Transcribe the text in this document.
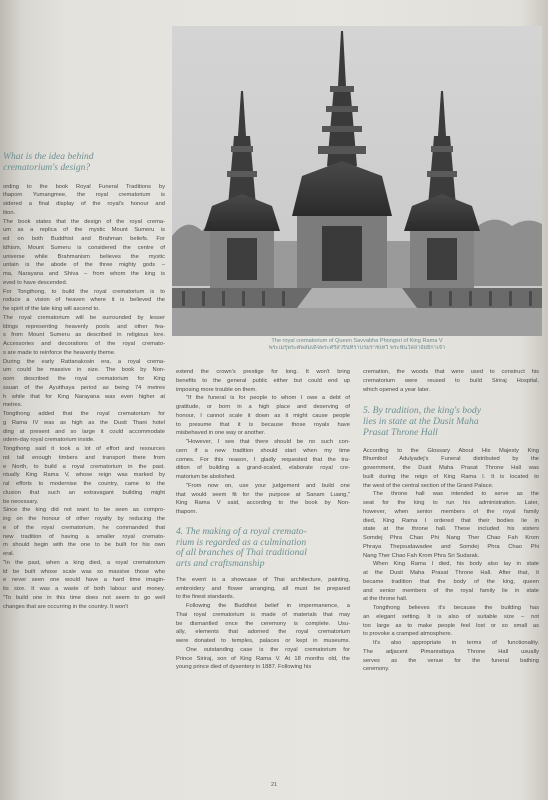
The royal crematorium of Queen Savvabha Phongsri of King Rama V
พระเมรุพระศพสมเด็จพระศรีสวรินทิราบรมราชเทวี พระพันวัสสาอัยยิกาเจ้า
What is the idea behind
crematorium's design?
ording to the book Royal Funeral Traditions by
thaporn Yumangmee, the royal crematorium is
sidered a final display of the royal's honour and
ition.
The book states that the design of the royal crema-
um as a replica of the mystic Mount Sumeru is
ed on both Buddhist and Brahman beliefs. For
ldhism, Mount Sumeru is considered the centre of
universe while Brahmanism believes the mystic
untain is the abode of the three mighty gods –
ma, Narayana and Shiva – from whom the king is
eved to have descended.
For Tongthong, to build the royal crematorium is to
roduce a vision of heaven where it is believed the
he spirit of the late king will ascend to.
The royal crematorium will be surrounded by lesser
ldings representing heavenly pools and other fea-
s from Mount Sumeru as described in religious lore.
Accessories and decorations of the royal cremato-
s are made to reinforce the heavenly theme.
During the early Rattanakosin era, a royal crema-
um could be massive in size. The book by Non-
oorn described the royal crematorium for King
ssuan of the Ayutthaya period as being 74 metres
h while that for King Narayana was even higher at
metres.
Tongthong added that the royal crematorium for
g Rama IV was as high as the Dusit Thani hotel
ding at present and so large it could accommodate
odern-day royal crematorium inside.
Tongthong said it took a lot of effort and resources
nd tall enough timbers and transport there from
e North, to build a royal crematorium in the past.
ntually King Rama V, whose reign was marked by
ral efforts to modernise the country, came to the
clusion that such an extravagant building might
be necessary.
Since the king did not want to be seen as compro-
ing on the honour of other royalty by reducing the
e of the royal crematorium, he commanded that
new tradition of having a smaller royal cremato-
m should begin with the one to be built for his own
eral.
"In the past, when a king died, a royal crematorium
ld be built whose scale was so massive those who
e never seen one would have a hard time imagin-
its size. It was a waste of both labour and money.
"To build one in this time does not seem to go well
changes that are occurring in the country. It won't
extend the crown's prestige for long. It won't bring
benefits to the general public either but could end up
imposing more trouble on them.
"If the funeral is for people to whom I owe a debt of
gratitude, or born in a high place and deserving of
honour, I cannot scale it down as it might cause people
to presume that it is because those royals have
misbehaved in one way or another.
"However, I see that there should be no such con-
cern if a new tradition should start when my time
comes. For this reason, I gladly requested that the tra-
dition of building a grand-scaled, elaborate royal cre-
matorium be abolished.
"From now on, use your judgement and build one
that would seem fit for the purpose at Sanam Luang,"
King Rama V said, according to the book by Non-
thaporn.
4. The making of a royal cremato-
rium is regarded as a culmination
of all branches of Thai traditional
arts and craftsmanship
The event is a showcase of Thai architecture, painting,
embroidery and flower arranging, all must be prepared
to the finest standards.
Following the Buddhist belief in impermanence, a
Thai royal crematorium is made of materials that may
be dismantled once the ceremony is complete. Usu-
ally, elements that adorned the royal crematorium
were donated to temples, palaces or kept in museums.
One outstanding case is the royal crematorium for
Prince Siriraj, son of King Rama V. At 18 months old, the
young prince died of dysentery in 1887. Following his
cremation, the woods that were used to construct his
crematorium were reused to build Siriraj Hospital,
which opened a year later.
5. By tradition, the king's body
lies in state at the Dusit Maha
Prasat Throne Hall
According to the Glossary About His Majesty King
Bhumibol Adulyadej's Funeral distributed by the
government, the Dusit Maha Prasat Throne Hall was
built during the reign of King Rama I. It is located to
the west of the central section of the Grand Palace.
The throne hall was intended to serve as the
seat for the king to run his administration. Later,
however, when senior members of the royal family
died, King Rama I ordered that their bodies lie in
state at the throne hall. These included his sisters
Somdej Phra Chao Phi Nang Ther Chao Fah Krom
Phraya Thepsudawadee and Somdej Phra Chao Phi
Nang Ther Chao Fah Krom Phra Sri Sudarak.
When King Rama I died, his body also lay in state
at the Dusit Maha Prasat Throne Hall. After that, it
became tradition that the body of the king, queen
and senior members of the royal family lie in state
at the throne hall.
Tongthong believes it's because the building has
an elegant setting. It is also of suitable size – not
too large as to make people feel lost or so small as
to provoke a cramped atmosphere.
It's also appropriate in terms of functionality.
The adjacent Pimanrattaya Throne Hall usually
serves as the venue for the funeral bathing
ceremony.
21
